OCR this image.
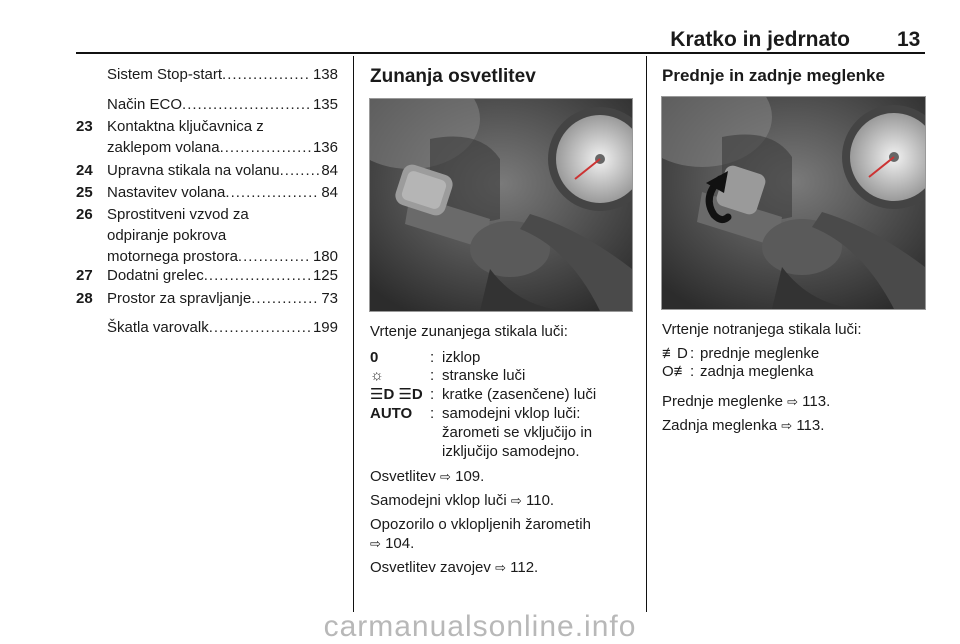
Kratko in jedrnato 13
Sistem Stop-start .....	138
Način ECO .....	135
23 Kontaktna ključavnica z
zaklepom volana .....	136
24 Upravna stikala na volanu .....	84
25 Nastavitev volana .....	84
26 Sprostitveni vzvod za
odpiranje pokrova
motornega prostora .....	180
27 Dodatni grelec .....	125
28 Prostor za spravljanje .....	73
Škatla varovalk .....	199
Zunanja osvetlitev
Vrtenje zunanjega stikala luči:
0	: izklop
☼	: stranske luči
☰D ☰D : kratke (zasenčene) luči
AUTO	: samodejni vklop luči: žarometi se vključijo in izključijo samodejno.
Osvetlitev ⇨ 109.
Samodejni vklop luči ⇨ 110.
Opozorilo o vklopljenih žarometih
⇨ 104.
Osvetlitev zavojev ⇨ 112.
Prednje in zadnje meglenke
Vrtenje notranjega stikala luči:
≢D : prednje meglenke
O≢ : zadnja meglenka
Prednje meglenke ⇨ 113.
Zadnja meglenka ⇨ 113.
carmanualsonline.info
